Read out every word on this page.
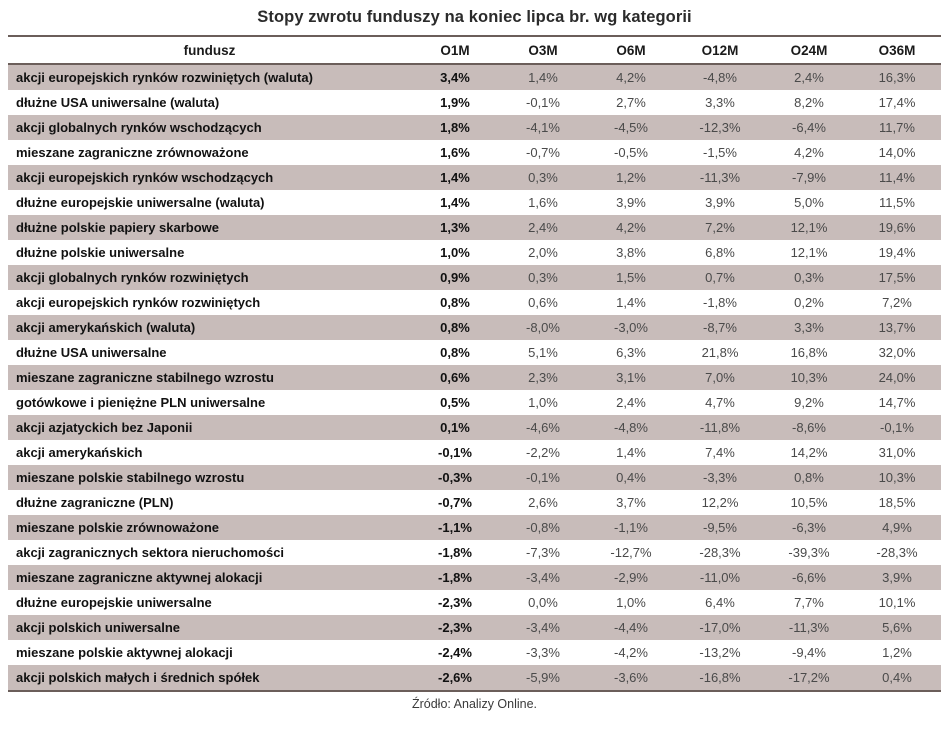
Stopy zwrotu funduszy na koniec lipca br. wg kategorii
fundusz	O1M	O3M	O6M	O12M	O24M	O36M
akcji europejskich rynków rozwiniętych (waluta)	3,4%	1,4%	4,2%	-4,8%	2,4%	16,3%
dłużne USA uniwersalne (waluta)	1,9%	-0,1%	2,7%	3,3%	8,2%	17,4%
akcji globalnych rynków wschodzących	1,8%	-4,1%	-4,5%	-12,3%	-6,4%	11,7%
mieszane zagraniczne zrównoważone	1,6%	-0,7%	-0,5%	-1,5%	4,2%	14,0%
akcji europejskich rynków wschodzących	1,4%	0,3%	1,2%	-11,3%	-7,9%	11,4%
dłużne europejskie uniwersalne (waluta)	1,4%	1,6%	3,9%	3,9%	5,0%	11,5%
dłużne polskie papiery skarbowe	1,3%	2,4%	4,2%	7,2%	12,1%	19,6%
dłużne polskie uniwersalne	1,0%	2,0%	3,8%	6,8%	12,1%	19,4%
akcji globalnych rynków rozwiniętych	0,9%	0,3%	1,5%	0,7%	0,3%	17,5%
akcji europejskich rynków rozwiniętych	0,8%	0,6%	1,4%	-1,8%	0,2%	7,2%
akcji amerykańskich (waluta)	0,8%	-8,0%	-3,0%	-8,7%	3,3%	13,7%
dłużne USA uniwersalne	0,8%	5,1%	6,3%	21,8%	16,8%	32,0%
mieszane zagraniczne stabilnego wzrostu	0,6%	2,3%	3,1%	7,0%	10,3%	24,0%
gotówkowe i pieniężne PLN uniwersalne	0,5%	1,0%	2,4%	4,7%	9,2%	14,7%
akcji azjatyckich bez Japonii	0,1%	-4,6%	-4,8%	-11,8%	-8,6%	-0,1%
akcji amerykańskich	-0,1%	-2,2%	1,4%	7,4%	14,2%	31,0%
mieszane polskie stabilnego wzrostu	-0,3%	-0,1%	0,4%	-3,3%	0,8%	10,3%
dłużne zagraniczne (PLN)	-0,7%	2,6%	3,7%	12,2%	10,5%	18,5%
mieszane polskie zrównoważone	-1,1%	-0,8%	-1,1%	-9,5%	-6,3%	4,9%
akcji zagranicznych sektora nieruchomości	-1,8%	-7,3%	-12,7%	-28,3%	-39,3%	-28,3%
mieszane zagraniczne aktywnej alokacji	-1,8%	-3,4%	-2,9%	-11,0%	-6,6%	3,9%
dłużne europejskie uniwersalne	-2,3%	0,0%	1,0%	6,4%	7,7%	10,1%
akcji polskich uniwersalne	-2,3%	-3,4%	-4,4%	-17,0%	-11,3%	5,6%
mieszane polskie aktywnej alokacji	-2,4%	-3,3%	-4,2%	-13,2%	-9,4%	1,2%
akcji polskich małych i średnich spółek	-2,6%	-5,9%	-3,6%	-16,8%	-17,2%	0,4%
Źródło: Analizy Online.
